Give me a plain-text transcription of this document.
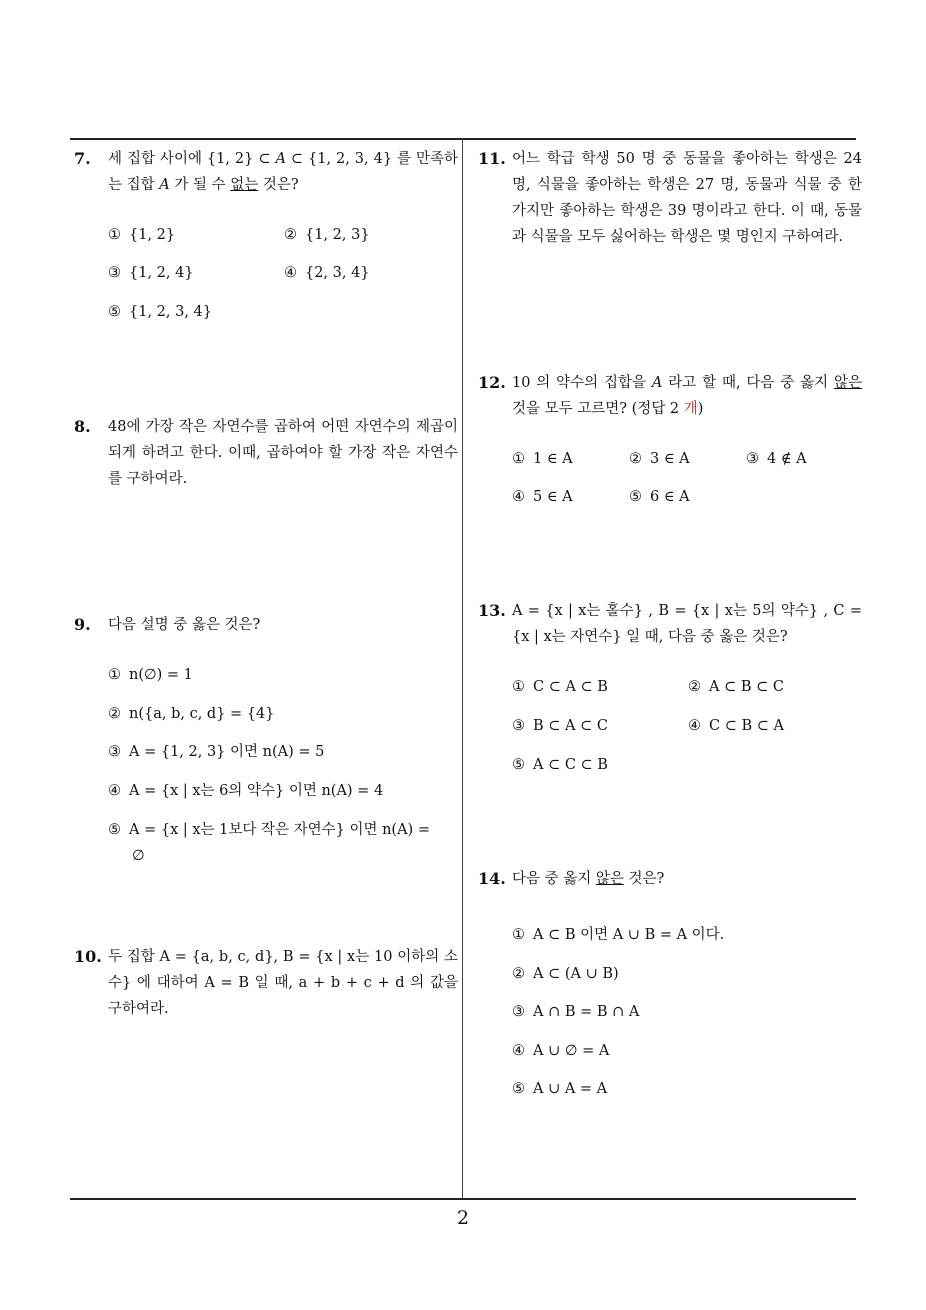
7. 세 집합 사이에 {1, 2} ⊂ A ⊂ {1, 2, 3, 4} 를 만족하는 집합 A 가 될 수 없는 것은?
① {1, 2}	② {1, 2, 3}
③ {1, 2, 4}	④ {2, 3, 4}
⑤ {1, 2, 3, 4}
8. 48에 가장 작은 자연수를 곱하여 어떤 자연수의 제곱이 되게 하려고 한다. 이때, 곱하여야 할 가장 작은 자연수를 구하여라.
9. 다음 설명 중 옳은 것은?
① n(∅) = 1
② n({a, b, c, d} = {4}
③ A = {1, 2, 3} 이면 n(A) = 5
④ A = {x | x는 6의 약수} 이면 n(A) = 4
⑤ A = {x | x는 1보다 작은 자연수} 이면 n(A) =
∅
10. 두 집합 A = {a, b, c, d}, B = {x | x는 10 이하의 소수} 에 대하여 A = B 일 때, a + b + c + d 의 값을 구하여라.
11. 어느 학급 학생 50 명 중 동물을 좋아하는 학생은 24 명, 식물을 좋아하는 학생은 27 명, 동물과 식물 중 한 가지만 좋아하는 학생은 39 명이라고 한다. 이 때, 동물과 식물을 모두 싫어하는 학생은 몇 명인지 구하여라.
12. 10 의 약수의 집합을 A 라고 할 때, 다음 중 옳지 않은 것을 모두 고르면? (정답 2 개)
① 1 ∈ A	② 3 ∈ A	③ 4 ∉ A
④ 5 ∈ A	⑤ 6 ∈ A
13. A = {x | x는 홀수} , B = {x | x는 5의 약수} , C = {x | x는 자연수} 일 때, 다음 중 옳은 것은?
① C ⊂ A ⊂ B	② A ⊂ B ⊂ C
③ B ⊂ A ⊂ C	④ C ⊂ B ⊂ A
⑤ A ⊂ C ⊂ B
14. 다음 중 옳지 않은 것은?
① A ⊂ B 이면 A ∪ B = A 이다.
② A ⊂ (A ∪ B)
③ A ∩ B = B ∩ A
④ A ∪ ∅ = A
⑤ A ∪ A = A
2
